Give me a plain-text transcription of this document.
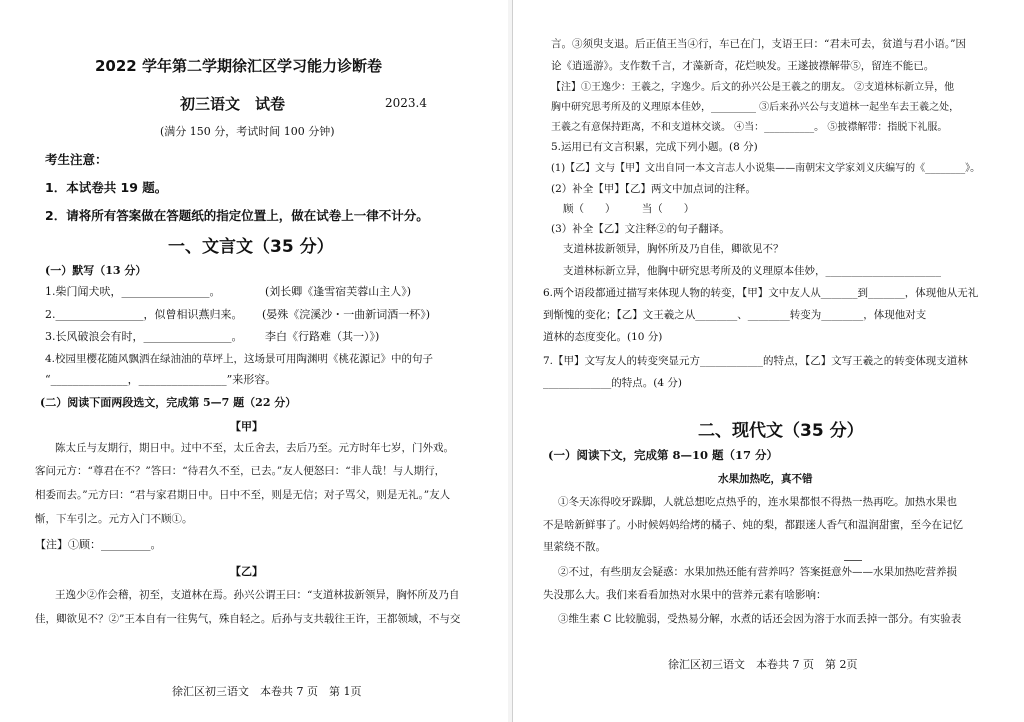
2022 学年第二学期徐汇区学习能力诊断卷
初三语文　试卷	2023.4
(满分 150 分，考试时间 100 分钟)
考生注意：
1．本试卷共 19 题。
2．请将所有答案做在答题纸的指定位置上，做在试卷上一律不计分。
一、文言文（35 分）
(一）默写（13 分）
1.柴门闻犬吠，________________。	(刘长卿《逢雪宿芙蓉山主人》)
2.________________，似曾相识燕归来。 (晏殊《浣溪沙・一曲新词酒一杯》)
3.长风破浪会有时，________________。 李白《行路难（其一）》)
4.校园里樱花随风飘洒在绿油油的草坪上，这场景可用陶渊明《桃花源记》中的句子
“______________，________________”来形容。
(二）阅读下面两段选文，完成第 5—7 题（22 分）
【甲】
陈太丘与友期行，期日中。过中不至，太丘舍去，去后乃至。元方时年七岁，门外戏。
客问元方：“尊君在不？”答曰：“待君久不至，已去。”友人便怒曰：“非人哉！与人期行，
相委而去。”元方曰：“君与家君期日中。日中不至，则是无信；对子骂父，则是无礼。”友人
惭，下车引之。元方入门不顾①。
【注】①顾：_________。
【乙】
王逸少②作会稽，初至，支道林在焉。孙兴公谓王曰：“支道林拔新领异，胸怀所及乃自
佳，卿欲见不？②”王本自有一往隽气，殊自轻之。后孙与支共载往王许，王都领域，不与交
徐汇区初三语文　本卷共 7 页　第 1页
言。③须臾支退。后正值王当④行，车已在门，支语王曰：“君未可去，贫道与君小语。”因
论《逍遥游》。支作数千言，才藻新奇，花烂映发。王遂披襟解带⑤，留连不能已。
【注】①王逸少：王羲之，字逸少。后文的孙兴公是王羲之的朋友。 ②支道林标新立异，他
胸中研究思考所及的义理原本佳妙，_________ ③后来孙兴公与支道林一起坐车去王羲之处，
王羲之有意保持距离，不和支道林交谈。 ④当：__________。 ⑤披襟解带：指脱下礼服。
5.运用已有文言积累，完成下列小题。(8 分)
(1)【乙】文与【甲】文出自同一本文言志人小说集——南朝宋文学家刘义庆编写的《________》。
(2）补全【甲】【乙】两文中加点词的注释。
顾（　　）　　　当（　　）
(3）补全【乙】文注释②的句子翻译。
支道林拔新领异，胸怀所及乃自佳，卿欲见不？
支道林标新立异，他胸中研究思考所及的义理原本佳妙，______________________
6.两个语段都通过描写来体现人物的转变，【甲】文中友人从_______到_______，体现他从无礼
到惭愧的变化；【乙】文王羲之从________、________转变为________，体现他对支
道林的态度变化。(10 分)
7.【甲】文写友人的转变突显元方____________的特点，【乙】文写王羲之的转变体现支道林
_____________的特点。(4 分)
二、现代文（35 分）
(一）阅读下文，完成第 8—10 题（17 分）
水果加热吃，真不错
①冬天冻得咬牙跺脚，人就总想吃点热乎的，连水果都恨不得热一热再吃。加热水果也
不是啥新鲜事了。小时候妈妈给烤的橘子、炖的梨，都跟迷人香气和温润甜蜜，至今在记忆
里萦绕不散。
②不过，有些朋友会疑惑：水果加热还能有营养吗？答案挺意外——水果加热吃营养损
失没那么大。我们来看看加热对水果中的营养元素有啥影响：
③维生素 C 比较脆弱，受热易分解，水煮的话还会因为溶于水而丢掉一部分。有实验表
徐汇区初三语文　本卷共 7 页　第 2页
